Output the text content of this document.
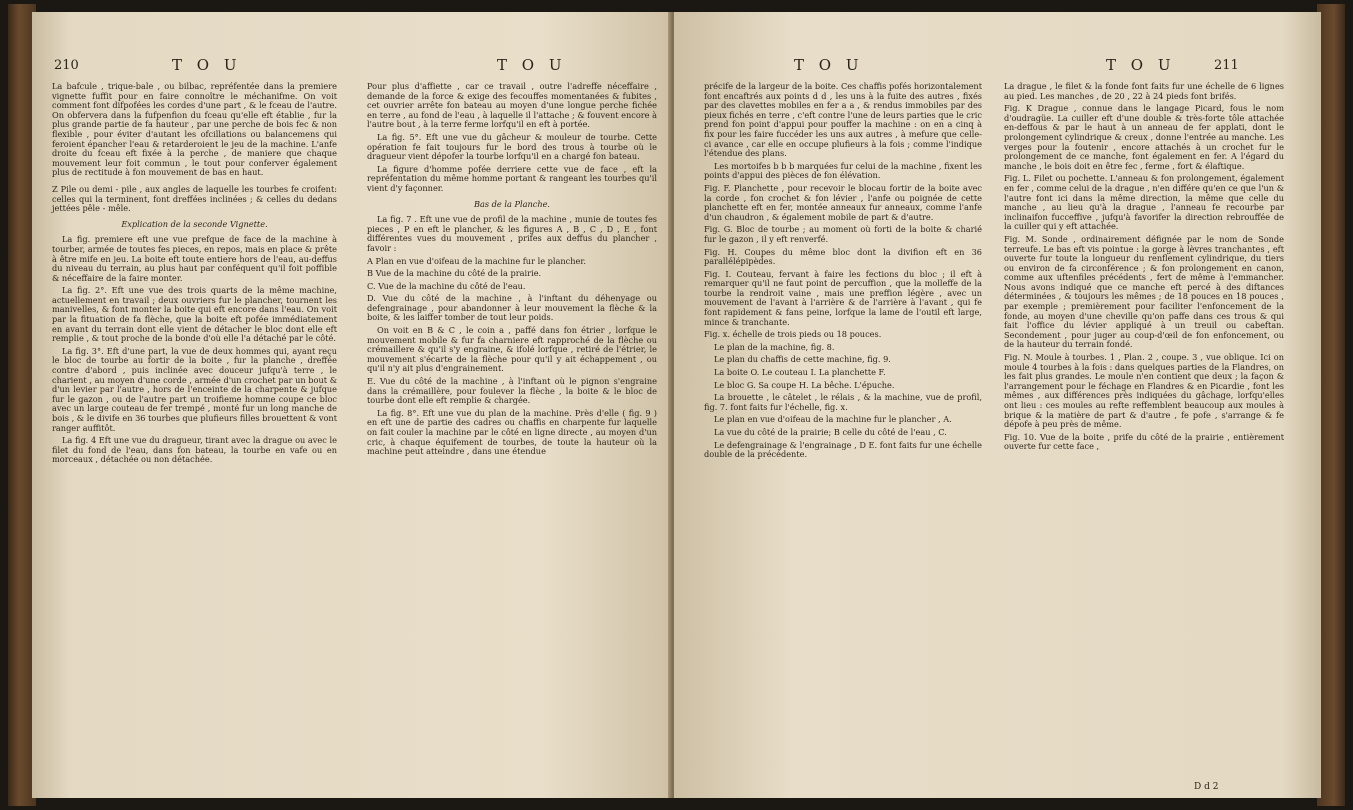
210	T O U	T O U

La bafcule , trique-bale , ou bilbac, repréfentée dans la premiere vignette fuffit pour en faire connoître le méchanifme. On voit comment font difpofées les cordes d'une part , & le fceau de l'autre. On obfervera dans la fufpenfion du fceau qu'elle eft établie , fur la plus grande partie de fa hauteur , par une perche de bois fec & non flexible , pour éviter d'autant les ofcillations ou balancemens qui feroient épancher l'eau & retarderoient le jeu de la machine. L'anfe droite du fceau eft fixée à la perche , de maniere que chaque mouvement leur foit commun , le tout pour conferver également plus de rectitude à fon mouvement de bas en haut.

Z Pile ou demi - pile , aux angles de laquelle les tourbes fe croifent: celles qui la terminent, font dreffées inclinées ; & celles du dedans jettées pêle - mêle.

Explication de la seconde Vignette.

La fig. premiere eft une vue prefque de face de la machine à tourber, armée de toutes fes pieces, en repos, mais en place & prête à être mife en jeu. La boite eft toute entiere hors de l'eau, au-deffus du niveau du terrain, au plus haut par conféquent qu'il foit poffible & néceffaire de la faire monter.

La fig. 2°. Eft une vue des trois quarts de la même machine, actuellement en travail ; deux ouvriers fur le plancher, tournent les manivelles, & font monter la boite qui eft encore dans l'eau. On voit par la fituation de fa flèche, que la boite eft pofée immédiatement en avant du terrain dont elle vient de détacher le bloc dont elle eft remplie , & tout proche de la bonde d'où elle l'a détaché par le côté.

La fig. 3°. Eft d'une part, la vue de deux hommes qui, ayant reçu le bloc de tourbe au fortir de la boite , fur la planche , dreffée contre d'abord , puis inclinée avec douceur jufqu'à terre , le charient , au moyen d'une corde , armée d'un crochet par un bout & d'un levier par l'autre , hors de l'enceinte de la charpente & jufque fur le gazon , ou de l'autre part un troifieme homme coupe ce bloc avec un large couteau de fer trempé , monté fur un long manche de bois , & le divife en 36 tourbes que plufieurs filles brouettent & vont ranger auffitôt.

La fig. 4 Eft une vue du dragueur, tirant avec la drague ou avec le filet du fond de l'eau, dans fon bateau, la tourbe en vafe ou en morceaux , détachée ou non détachée.

Pour plus d'affiette , car ce travail , outre l'adreffe néceffaire , demande de la force & exige des fecouffes momentanées & fubites , cet ouvrier arrête fon bateau au moyen d'une longue perche fichée en terre , au fond de l'eau , à laquelle il l'attache ; & fouvent encore à l'autre bout , à la terre ferme lorfqu'il en eft à portée.

La fig. 5°. Eft une vue du gâcheur & mouleur de tourbe. Cette opération fe fait toujours fur le bord des trous à tourbe où le dragueur vient dépofer la tourbe lorfqu'il en a chargé fon bateau.

La figure d'homme pofée derriere cette vue de face , eft la repréfentation du même homme portant & rangeant les tourbes qu'il vient d'y façonner.

Bas de la Planche.

La fig. 7 . Eft une vue de profil de la machine , munie de toutes fes pieces , P en eft le plancher, & les figures A , B , C , D , E , font différentes vues du mouvement , prifes aux deffus du plancher , favoir :

A Plan en vue d'oifeau de la machine fur le plancher.

B Vue de la machine du côté de la prairie.

C. Vue de la machine du côté de l'eau.

D. Vue du côté de la machine , à l'inftant du déhenyage ou defengrainage , pour abandonner à leur mouvement la flèche & la boite, & les laiffer tomber de tout leur poids.

On voit en B & C , le coin a , paffé dans fon étrier , lorfque le mouvement mobile & fur fa charniere eft rapproché de la flèche ou crémaillere & qu'il s'y engraine, & ifolé lorfque , retiré de l'étrier, le mouvement s'écarte de la flèche pour qu'il y ait échappement , ou qu'il n'y ait plus d'engrainement.

E. Vue du côté de la machine , à l'inftant où le pignon s'engraine dans la crémaillère, pour foulever la flèche , la boite & le bloc de tourbe dont elle eft remplie & chargée.

La fig. 8°. Eft une vue du plan de la machine. Près d'elle ( fig. 9 ) en eft une de partie des cadres ou chaffis en charpente fur laquelle on fait couler la machine par le côté en ligne directe , au moyen d'un cric, à chaque équifement de tourbes, de toute la hauteur où la machine peut atteindre , dans une étendue

T O U	T O U	211

précife de la largeur de la boite. Ces chaffis pofés horizontalement font encaftrés aux points d d , les uns à la fuite des autres , fixés par des clavettes mobiles en fer a a , & rendus immobiles par des pieux fichés en terre , c'eft contre l'une de leurs parties que le cric prend fon point d'appui pour pouffer la machine : on en a cinq à fix pour les faire fuccéder les uns aux autres , à mefure que celle-ci avance , car elle en occupe plufieurs à la fois ; comme l'indique l'étendue des plans.

Les mortoifes b b b marquées fur celui de la machine , fixent les points d'appui des pièces de fon élévation.

Fig. F. Planchette , pour recevoir le blocau fortir de la boite avec la corde , fon crochet & fon lévier , l'anfe ou poignée de cette planchette eft en fer, montée anneaux fur anneaux, comme l'anfe d'un chaudron , & également mobile de part & d'autre.

Fig. G. Bloc de tourbe ; au moment où forti de la boite & charié fur le gazon , il y eft renverfé.

Fig. H. Coupes du même bloc dont la divifion eft en 36 parallélépipèdes.

Fig. I. Couteau, fervant à faire les fections du bloc ; il eft à remarquer qu'il ne faut point de percuffion , que la molleffe de la tourbe la rendroit vaine , mais une preffion légère , avec un mouvement de l'avant à l'arrière & de l'arrière à l'avant , qui fe font rapidement & fans peine, lorfque la lame de l'outil eft large, mince & tranchante.

Fig. x. échelle de trois pieds ou 18 pouces.

Le plan de la machine, fig. 8.

Le plan du chaffis de cette machine, fig. 9.

La boite O. Le couteau I. La planchette F.

Le bloc G. Sa coupe H. La bêche. L'épuche.

La brouette , le câtelet , le rélais , & la machine, vue de profil, fig. 7. font faits fur l'échelle, fig. x.

Le plan en vue d'oifeau de la machine fur le plancher , A.

La vue du côté de la prairie; B celle du côté de l'eau , C.

Le defengrainage & l'engrainage , D E. font faits fur une échelle double de la précédente.

La drague , le filet & la fonde font faits fur une échelle de 6 lignes au pied. Les manches , de 20 , 22 à 24 pieds font brifés.

Fig. K Drague , connue dans le langage Picard, fous le nom d'oudragüe. La cuiller eft d'une double & très-forte tôle attachée en-deffous & par le haut à un anneau de fer applati, dont le prolongement cylindrique & creux , donne l'entrée au manche. Les verges pour la foutenir , encore attachés à un crochet fur le prolongement de ce manche, font également en fer. A l'égard du manche , le bois doit en être fec , ferme , fort & élaftique.

Fig. L. Filet ou pochette. L'anneau & fon prolongement, également en fer , comme celui de la drague , n'en différe qu'en ce que l'un & l'autre font ici dans la même direction, la même que celle du manche , au lieu qu'à la drague , l'anneau fe recourbe par inclinaifon fucceffive , jufqu'à favorifer la direction rebrouffée de la cuiller qui y eft attachée.

Fig. M. Sonde , ordinairement défignée par le nom de Sonde terreufe. Le bas eft vis pointue : la gorge à lèvres tranchantes , eft ouverte fur toute la longueur du renflement cylindrique, du tiers ou environ de fa circonférence ; & fon prolongement en canon, comme aux uftenfiles précédents , fert de même à l'emmancher. Nous avons indiqué que ce manche eft percé à des diftances déterminées , & toujours les mêmes ; de 18 pouces en 18 pouces , par exemple ; premièrement pour faciliter l'enfoncement de la fonde, au moyen d'une cheville qu'on paffe dans ces trous & qui fait l'office du lévier appliqué à un treuil ou cabeftan. Secondement , pour juger au coup-d'œil de fon enfoncement, ou de la hauteur du terrain fondé.

Fig. N. Moule à tourbes. 1 , Plan. 2 , coupe. 3 , vue oblique. Ici on moule 4 tourbes à la fois : dans quelques parties de la Flandres, on les fait plus grandes. Le moule n'en contient que deux ; la façon & l'arrangement pour le féchage en Flandres & en Picardie , font les mêmes , aux différences près indiquées du gâchage, lorfqu'elles ont lieu : ces moules au refte reffemblent beaucoup aux moules à brique & la matière de part & d'autre , fe pofe , s'arrange & fe dépofe à peu près de même.

Fig. 10. Vue de la boite , prife du côté de la prairie , entièrement ouverte fur cette face ,

D d 2
